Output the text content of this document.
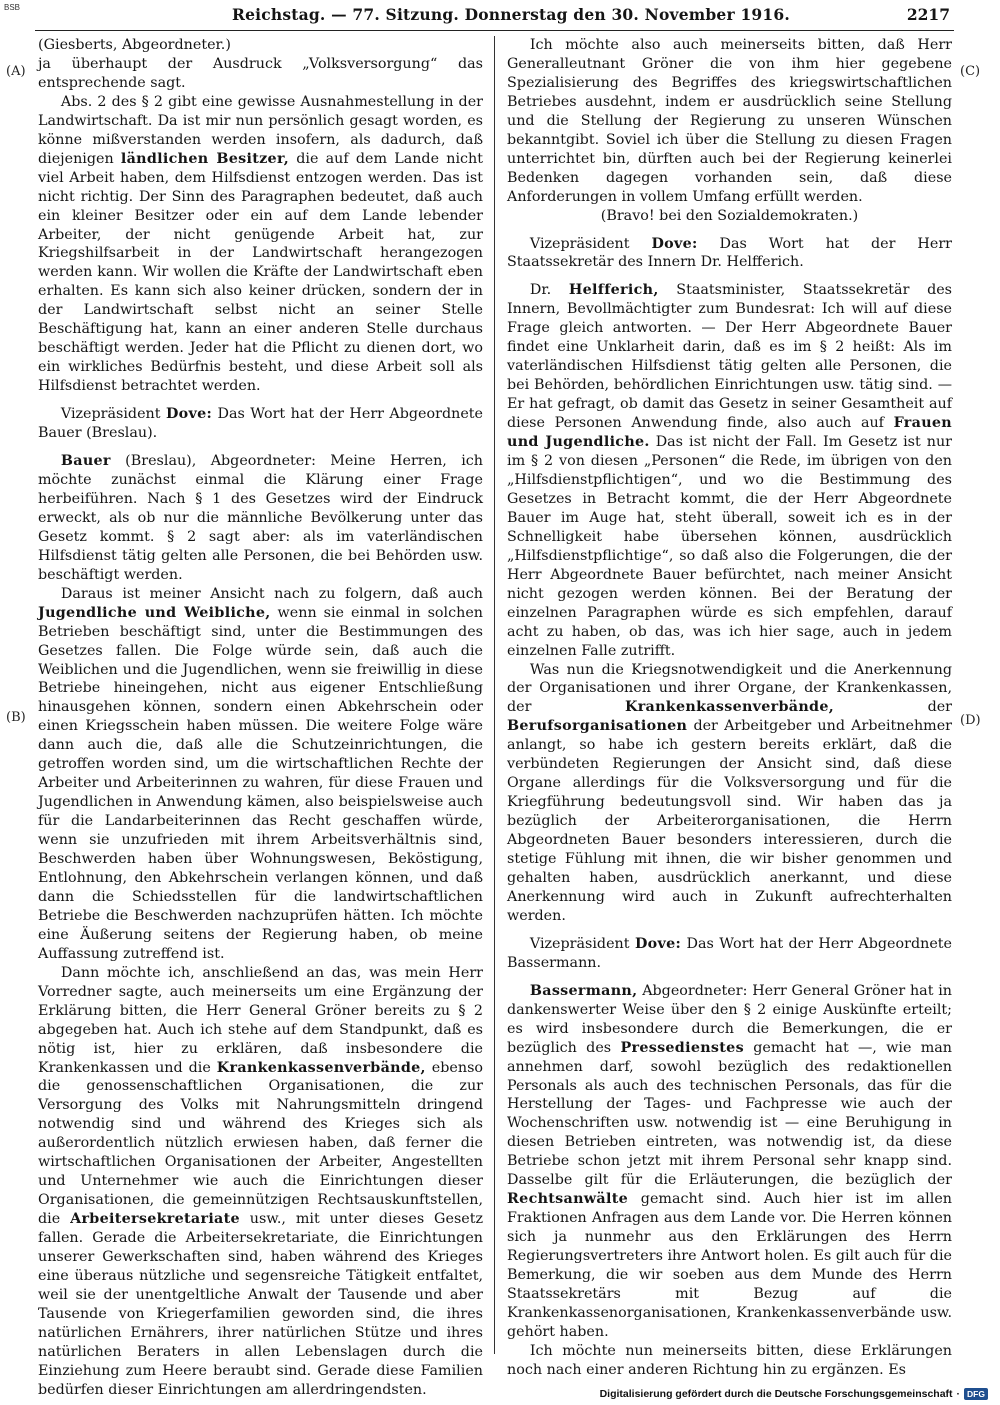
BSB	Reichstag. — 77. Sitzung. Donnerstag den 30. November 1916.	2217
(A)
(B)
(C)
(D)

(Giesberts, Abgeordneter.)

ja überhaupt der Ausdruck „Volksversorgung“ das entsprechende sagt.

Abs. 2 des § 2 gibt eine gewisse Ausnahmestellung in der Landwirtschaft. Da ist mir nun persönlich gesagt worden, es könne mißverstanden werden insofern, als dadurch, daß diejenigen ländlichen Besitzer, die auf dem Lande nicht viel Arbeit haben, dem Hilfsdienst entzogen werden. Das ist nicht richtig. Der Sinn des Paragraphen bedeutet, daß auch ein kleiner Besitzer oder ein auf dem Lande lebender Arbeiter, der nicht genügende Arbeit hat, zur Kriegshilfsarbeit in der Landwirtschaft herangezogen werden kann. Wir wollen die Kräfte der Landwirtschaft eben erhalten. Es kann sich also keiner drücken, sondern der in der Landwirtschaft selbst nicht an seiner Stelle Beschäftigung hat, kann an einer anderen Stelle durchaus beschäftigt werden. Jeder hat die Pflicht zu dienen dort, wo ein wirkliches Bedürfnis besteht, und diese Arbeit soll als Hilfsdienst betrachtet werden.

Vizepräsident Dove: Das Wort hat der Herr Abgeordnete Bauer (Breslau).

Bauer (Breslau), Abgeordneter: Meine Herren, ich möchte zunächst einmal die Klärung einer Frage herbeiführen. Nach § 1 des Gesetzes wird der Eindruck erweckt, als ob nur die männliche Bevölkerung unter das Gesetz kommt. § 2 sagt aber: als im vaterländischen Hilfsdienst tätig gelten alle Personen, die bei Behörden usw. beschäftigt werden.

Daraus ist meiner Ansicht nach zu folgern, daß auch Jugendliche und Weibliche, wenn sie einmal in solchen Betrieben beschäftigt sind, unter die Bestimmungen des Gesetzes fallen. Die Folge würde sein, daß auch die Weiblichen und die Jugendlichen, wenn sie freiwillig in diese Betriebe hineingehen, nicht aus eigener Entschließung hinausgehen können, sondern einen Abkehrschein oder einen Kriegsschein haben müssen. Die weitere Folge wäre dann auch die, daß alle die Schutzeinrichtungen, die getroffen worden sind, um die wirtschaftlichen Rechte der Arbeiter und Arbeiterinnen zu wahren, für diese Frauen und Jugendlichen in Anwendung kämen, also beispielsweise auch für die Landarbeiterinnen das Recht geschaffen würde, wenn sie unzufrieden mit ihrem Arbeitsverhältnis sind, Beschwerden haben über Wohnungswesen, Beköstigung, Entlohnung, den Abkehrschein verlangen können, und daß dann die Schiedsstellen für die landwirtschaftlichen Betriebe die Beschwerden nachzuprüfen hätten. Ich möchte eine Äußerung seitens der Regierung haben, ob meine Auffassung zutreffend ist.

Dann möchte ich, anschließend an das, was mein Herr Vorredner sagte, auch meinerseits um eine Ergänzung der Erklärung bitten, die Herr General Gröner bereits zu § 2 abgegeben hat. Auch ich stehe auf dem Standpunkt, daß es nötig ist, hier zu erklären, daß insbesondere die Krankenkassen und die Krankenkassenverbände, ebenso die genossenschaftlichen Organisationen, die zur Versorgung des Volks mit Nahrungsmitteln dringend notwendig sind und während des Krieges sich als außerordentlich nützlich erwiesen haben, daß ferner die wirtschaftlichen Organisationen der Arbeiter, Angestellten und Unternehmer wie auch die Einrichtungen dieser Organisationen, die gemeinnützigen Rechtsauskunftstellen, die Arbeitersekretariate usw., mit unter dieses Gesetz fallen. Gerade die Arbeitersekretariate, die Einrichtungen unserer Gewerkschaften sind, haben während des Krieges eine überaus nützliche und segensreiche Tätigkeit entfaltet, weil sie der unentgeltliche Anwalt der Tausende und aber Tausende von Kriegerfamilien geworden sind, die ihres natürlichen Ernährers, ihrer natürlichen Stütze und ihres natürlichen Beraters in allen Lebenslagen durch die Einziehung zum Heere beraubt sind. Gerade diese Familien bedürfen dieser Einrichtungen am allerdringendsten.

Ich möchte also auch meinerseits bitten, daß Herr Generalleutnant Gröner die von ihm hier gegebene Spezialisierung des Begriffes des kriegswirtschaftlichen Betriebes ausdehnt, indem er ausdrücklich seine Stellung und die Stellung der Regierung zu unseren Wünschen bekanntgibt. Soviel ich über die Stellung zu diesen Fragen unterrichtet bin, dürften auch bei der Regierung keinerlei Bedenken dagegen vorhanden sein, daß diese Anforderungen in vollem Umfang erfüllt werden.

(Bravo! bei den Sozialdemokraten.)

Vizepräsident Dove: Das Wort hat der Herr Staatssekretär des Innern Dr. Helfferich.

Dr. Helfferich, Staatsminister, Staatssekretär des Innern, Bevollmächtigter zum Bundesrat: Ich will auf diese Frage gleich antworten. — Der Herr Abgeordnete Bauer findet eine Unklarheit darin, daß es im § 2 heißt: Als im vaterländischen Hilfsdienst tätig gelten alle Personen, die bei Behörden, behördlichen Einrichtungen usw. tätig sind. — Er hat gefragt, ob damit das Gesetz in seiner Gesamtheit auf diese Personen Anwendung finde, also auch auf Frauen und Jugendliche. Das ist nicht der Fall. Im Gesetz ist nur im § 2 von diesen „Personen“ die Rede, im übrigen von den „Hilfsdienstpflichtigen“, und wo die Bestimmung des Gesetzes in Betracht kommt, die der Herr Abgeordnete Bauer im Auge hat, steht überall, soweit ich es in der Schnelligkeit habe übersehen können, ausdrücklich „Hilfsdienstpflichtige“, so daß also die Folgerungen, die der Herr Abgeordnete Bauer befürchtet, nach meiner Ansicht nicht gezogen werden können. Bei der Beratung der einzelnen Paragraphen würde es sich empfehlen, darauf acht zu haben, ob das, was ich hier sage, auch in jedem einzelnen Falle zutrifft.

Was nun die Kriegsnotwendigkeit und die Anerkennung der Organisationen und ihrer Organe, der Krankenkassen, der	Krankenkassenverbände,	der Berufsorganisationen der Arbeitgeber und Arbeitnehmer anlangt, so habe ich gestern bereits erklärt, daß die verbündeten Regierungen der Ansicht sind, daß diese Organe allerdings für die Volksversorgung und für die Kriegführung bedeutungsvoll sind. Wir haben das ja bezüglich der Arbeiterorganisationen, die Herrn Abgeordneten Bauer besonders interessieren, durch die stetige Fühlung mit ihnen, die wir bisher genommen und gehalten haben, ausdrücklich anerkannt, und diese Anerkennung wird auch in Zukunft aufrechterhalten werden.

Vizepräsident Dove: Das Wort hat der Herr Abgeordnete Bassermann.

Bassermann, Abgeordneter: Herr General Gröner hat in dankenswerter Weise über den § 2 einige Auskünfte erteilt; es wird insbesondere durch die Bemerkungen, die er bezüglich des Pressedienstes gemacht hat —, wie man annehmen darf, sowohl bezüglich des redaktionellen Personals als auch des technischen Personals, das für die Herstellung der Tages- und Fachpresse wie auch der Wochenschriften usw. notwendig ist — eine Beruhigung in diesen Betrieben eintreten, was notwendig ist, da diese Betriebe schon jetzt mit ihrem Personal sehr knapp sind. Dasselbe gilt für die Erläuterungen, die bezüglich der Rechtsanwälte gemacht sind. Auch hier ist im allen Fraktionen Anfragen aus dem Lande vor. Die Herren können sich ja nunmehr aus den Erklärungen des Herrn Regierungsvertreters ihre Antwort holen. Es gilt auch für die Bemerkung, die wir soeben aus dem Munde des Herrn Staatssekretärs mit Bezug auf die Krankenkassenorganisationen, Krankenkassenverbände usw. gehört haben.

Ich möchte nun meinerseits bitten, diese Erklärungen noch nach einer anderen Richtung hin zu ergänzen. Es

Digitalisierung gefördert durch die Deutsche Forschungsgemeinschaft · DFG
